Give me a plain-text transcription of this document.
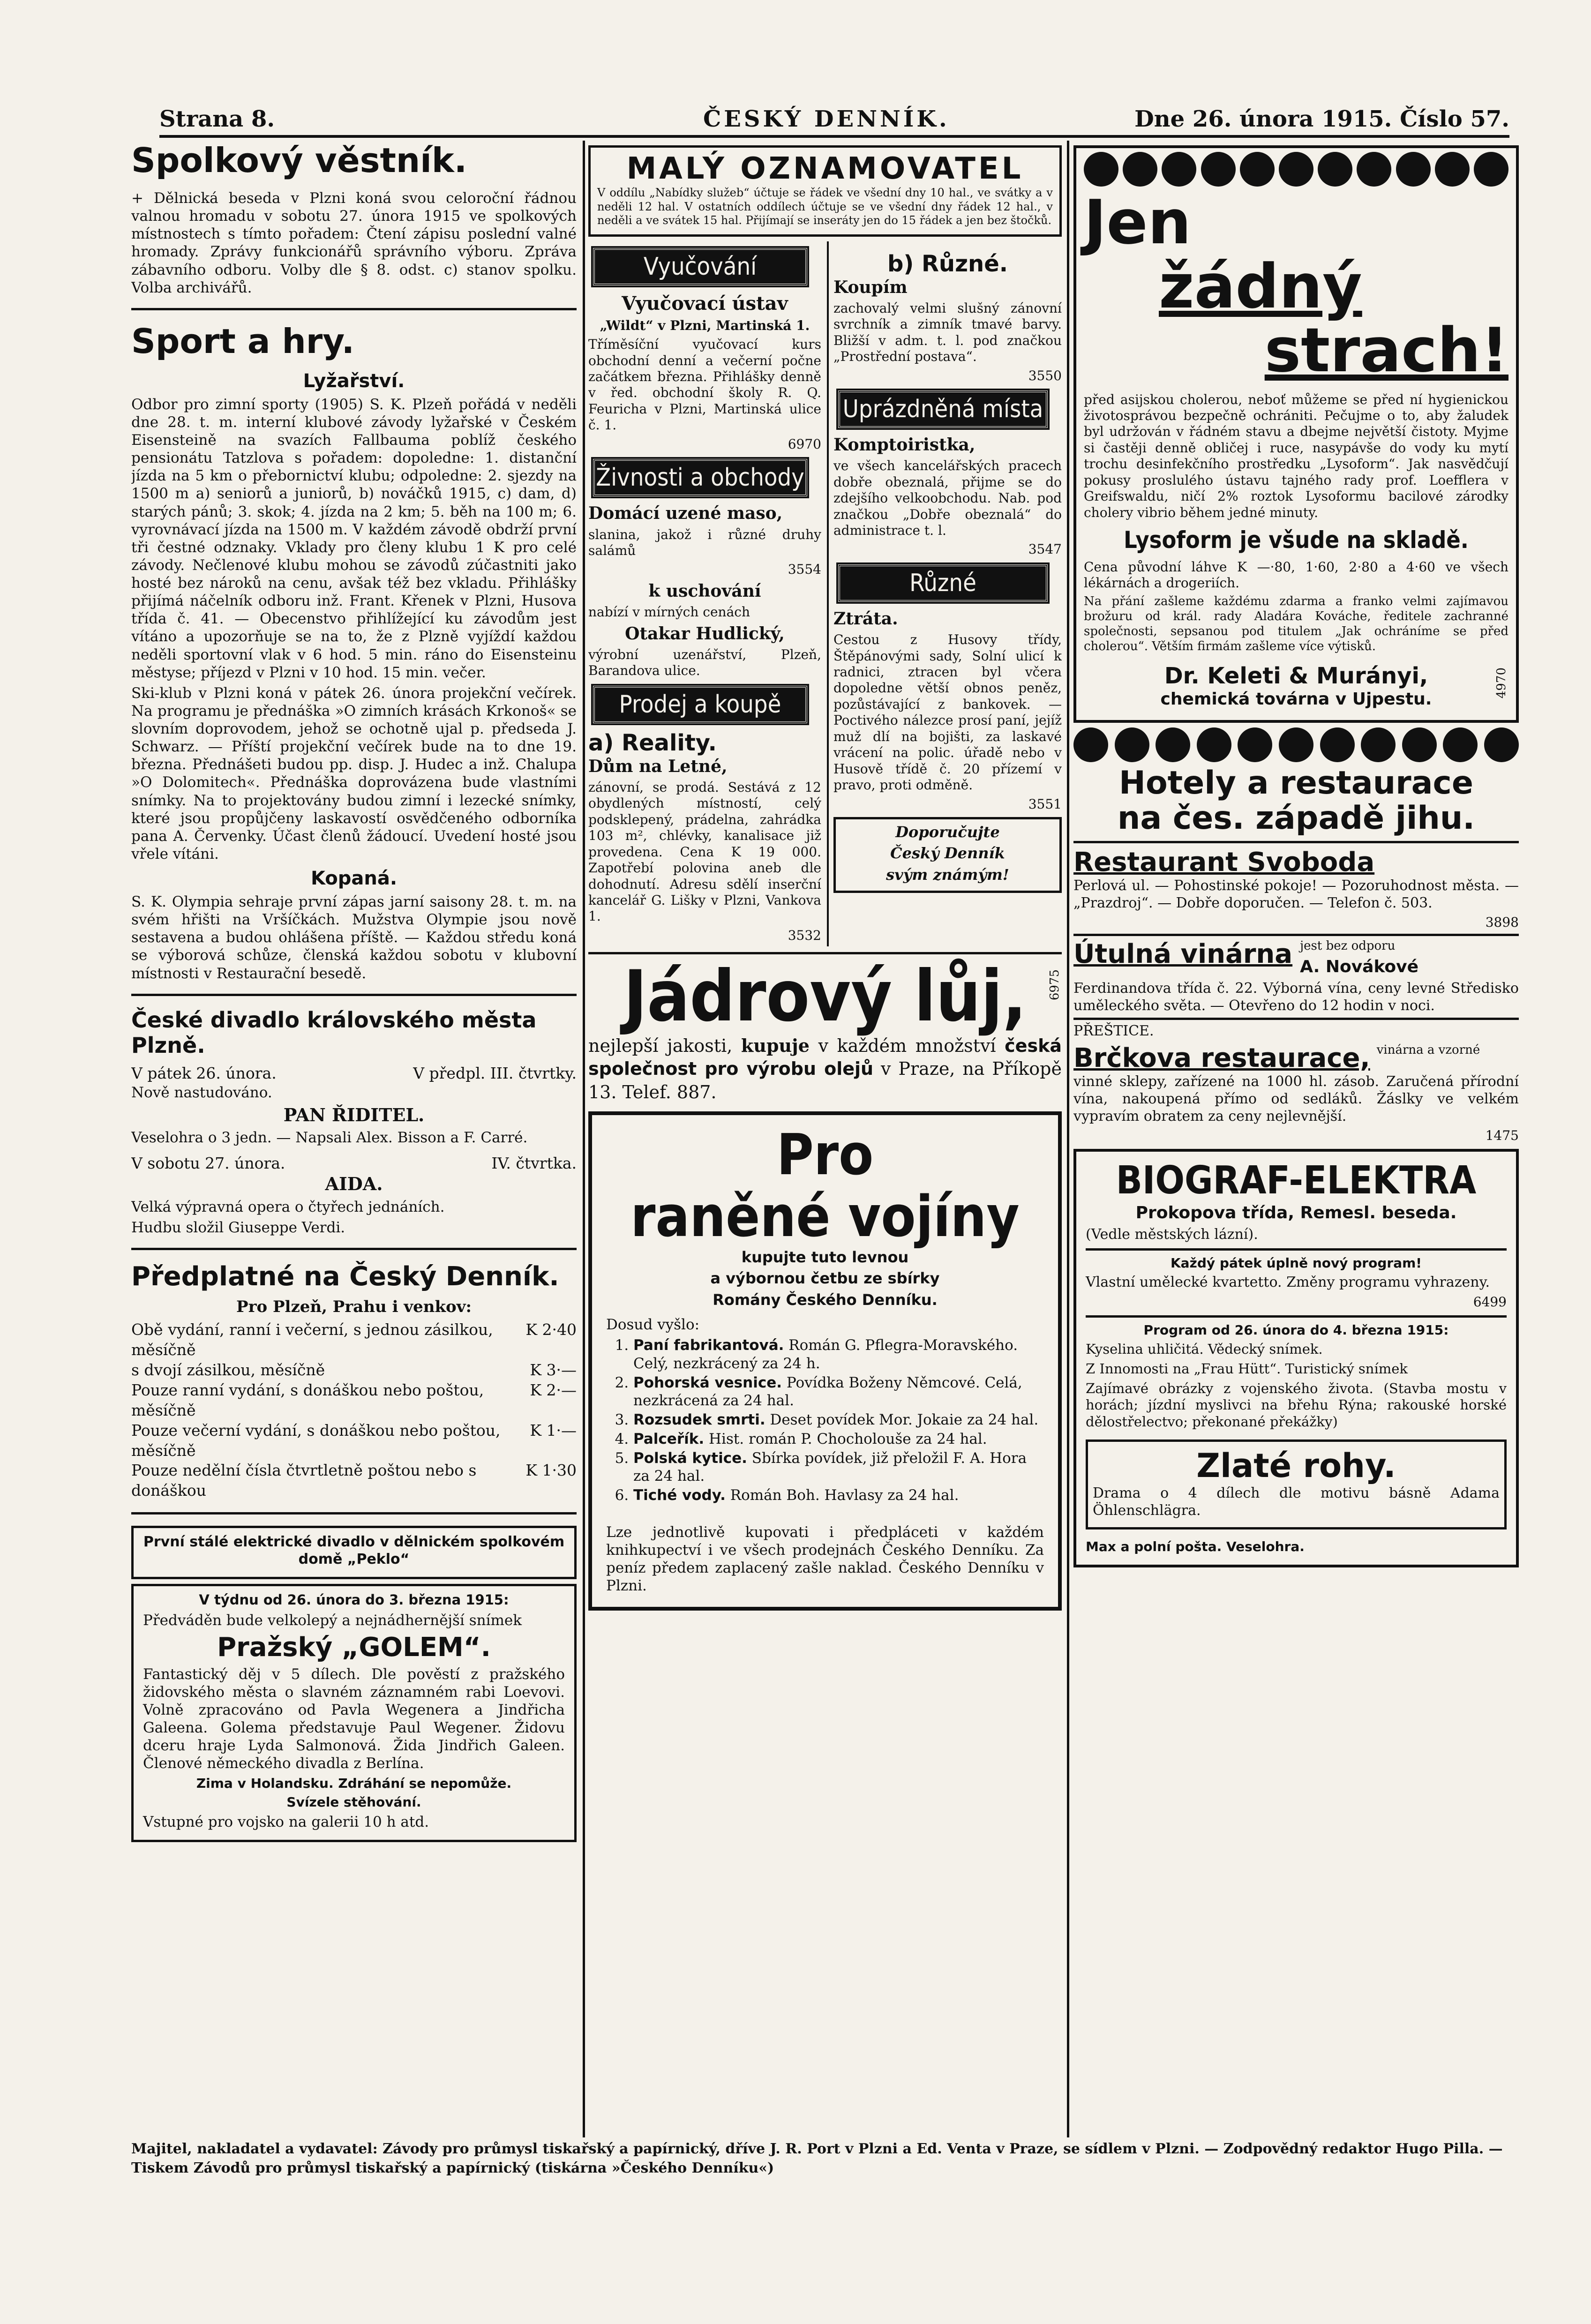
Strana 8.	ČESKÝ DENNÍK.	Dne 26. února 1915. Číslo 57.
Spolkový věstník.

+ Dělnická beseda v Plzni koná svou celoroční řádnou valnou hromadu v sobotu 27. února 1915 ve spolkových místnostech s tímto pořadem: Čtení zápisu poslední valné hromady. Zprávy funkcionářů správního výboru. Zpráva zábavního odboru. Volby dle § 8. odst. c) stanov spolku. Volba archivářů.

Sport a hry.
Lyžařství.

Odbor pro zimní sporty (1905) S. K. Plzeň pořádá v neděli dne 28. t. m. interní klubové závody lyžařské v Českém Eisensteině na svazích Fallbauma poblíž českého pensionátu Tatzlova s pořadem: dopoledne: 1. distanční jízda na 5 km o přebornictví klubu; odpoledne: 2. sjezdy na 1500 m a) seniorů a juniorů, b) nováčků 1915, c) dam, d) starých pánů; 3. skok; 4. jízda na 2 km; 5. běh na 100 m; 6. vyrovnávací jízda na 1500 m. V každém závodě obdrží první tři čestné odznaky. Vklady pro členy klubu 1 K pro celé závody. Nečlenové klubu mohou se závodů zúčastniti jako hosté bez nároků na cenu, avšak též bez vkladu. Přihlášky přijímá náčelník odboru inž. Frant. Křenek v Plzni, Husova třída č. 41. — Obecenstvo přihlížející ku závodům jest vítáno a upozorňuje se na to, že z Plzně vyjíždí každou neděli sportovní vlak v 6 hod. 5 min. ráno do Eisensteinu městyse; příjezd v Plzni v 10 hod. 15 min. večer.

Ski-klub v Plzni koná v pátek 26. února projekční večírek. Na programu je přednáška »O zimních krásách Krkonoš« se slovním doprovodem, jehož se ochotně ujal p. předseda J. Schwarz. — Příští projekční večírek bude na to dne 19. března. Přednášeti budou pp. disp. J. Hudec a inž. Chalupa »O Dolomitech«. Přednáška doprovázena bude vlastními snímky. Na to projektovány budou zimní i lezecké snímky, které jsou propůjčeny laskavostí osvědčeného odborníka pana A. Červenky. Účast členů žádoucí. Uvedení hosté jsou vřele vítáni.

Kopaná.

S. K. Olympia sehraje první zápas jarní saisony 28. t. m. na svém hřišti na Vršíčkách. Mužstva Olympie jsou nově sestavena a budou ohlášena příště. — Každou středu koná se výborová schůze, členská každou sobotu v klubovní místnosti v Restaurační besedě.

České divadlo královského města Plzně.
V pátek 26. února.	V předpl. III. čtvrtky.
Nově nastudováno.
PAN ŘIDITEL.
Veselohra o 3 jedn. — Napsali Alex. Bisson a F. Carré.
V sobotu 27. února.	IV. čtvrtka.
AIDA.
Velká výpravná opera o čtyřech jednáních.
Hudbu složil Giuseppe Verdi.
Předplatné na Český Denník.
Pro Plzeň, Prahu i venkov:
Obě vydání, ranní i večerní, s jednou zásilkou, měsíčně
K 2·40
s dvojí zásilkou, měsíčně	K 3·—
Pouze ranní vydání, s donáškou nebo poštou, měsíčně
K 2·—
Pouze večerní vydání, s donáškou nebo poštou, měsíčně
K 1·—
Pouze nedělní čísla čtvrtletně poštou nebo s donáškou
K 1·30
První stálé elektrické divadlo v dělnickém spolkovém domě „Peklo“
V týdnu od 26. února do 3. března 1915:
Předváděn bude velkolepý a nejnádhernější snímek
Pražský „GOLEM“.

Fantastický děj v 5 dílech. Dle pověstí z pražského židovského města o slavném záznamném rabi Loevovi. Volně zpracováno od Pavla Wegenera a Jindřicha Galeena. Golema představuje Paul Wegener. Židovu dceru hraje Lyda Salmonová. Žida Jindřich Galeen. Členové německého divadla z Berlína.

Zima v Holandsku. Zdráhání se nepomůže.
Svízele stěhování.
Vstupné pro vojsko na galerii 10 h atd.
MALÝ OZNAMOVATEL
V oddílu „Nabídky služeb“ účtuje se řádek ve všední dny 10 hal., ve svátky a v neděli 12 hal. V ostatních oddílech účtuje se ve všední dny řádek 12 hal., v neděli a ve svátek 15 hal. Přijímají se inseráty jen do 15 řádek a jen bez štočků.
Vyučování
Vyučovací ústav
„Wildt“ v Plzni, Martinská 1.

Tříměsíční vyučovací kurs obchodní denní a večerní počne začátkem března. Přihlášky denně v řed. obchodní školy R. Q. Feuricha v Plzni, Martinská ulice č. 1.

6970
Živnosti a obchody
Domácí uzené maso,

slanina, jakož i různé druhy salámů

3554
k uschování
nabízí v mírných cenách
Otakar Hudlický,
výrobní uzenářství, Plzeň, Barandova ulice.
Prodej a koupě
a) Reality.
Dům na Letné,

zánovní, se prodá. Sestává z 12 obydlených místností, celý podsklepený, prádelna, zahrádka 103 m², chlévky, kanalisace již provedena. Cena K 19 000. Zapotřebí polovina aneb dle dohodnutí. Adresu sdělí inserční kancelář G. Lišky v Plzni, Vankova 1.

3532
b) Různé.
Koupím

zachovalý velmi slušný zánovní svrchník a zimník tmavé barvy. Bližší v adm. t. l. pod značkou „Prostřední postava“.

3550
Uprázdněná místa
Komptoiristka,

ve všech kancelářských pracech dobře obeznalá, přijme se do zdejšího velkoobchodu. Nab. pod značkou „Dobře obeznalá“ do administrace t. l.

3547
Různé
Ztráta.

Cestou z Husovy třídy, Štěpánovými sady, Solní ulicí k radnici, ztracen byl včera dopoledne větší obnos peněz, pozůstávající z bankovek. — Poctivého nálezce prosí paní, jejíž muž dlí na bojišti, za laskavé vrácení na polic. úřadě nebo v Husově třídě č. 20 přízemí v pravo, proti odměně.

3551
Doporučujte
Český Denník
svým známým!
Jádrový lůj,	6975

nejlepší jakosti, kupuje v každém množství česká společnost pro výrobu olejů v Praze, na Příkopě 13. Telef. 887.

Pro
raněné vojíny
kupujte tuto levnou
a výbornou četbu ze sbírky
Romány Českého Denníku.
Dosud vyšlo:
1. Paní fabrikantová. Román G. Pflegra-Moravského. Celý, nezkrácený za 24 h.
2. Pohorská vesnice. Povídka Boženy Němcové. Celá, nezkrácená za 24 hal.
3. Rozsudek smrti. Deset povídek Mor. Jokaie za 24 hal.
4. Palceřík. Hist. román P. Chocholouše za 24 hal.
5. Polská kytice. Sbírka povídek, již přeložil F. A. Hora za 24 hal.
6. Tiché vody. Román Boh. Havlasy za 24 hal.

Lze jednotlivě kupovati i předpláceti v každém knihkupectví i ve všech prodejnách Českého Denníku. Za peníz předem zaplacený zašle naklad. Českého Denníku v Plzni.

Jen
žádný
strach!

před asijskou cholerou, neboť můžeme se před ní hygienickou životosprávou bezpečně ochrániti. Pečujme o to, aby žaludek byl udržován v řádném stavu a dbejme největší čistoty. Myjme si častěji denně obličej i ruce, nasypávše do vody ku mytí trochu desinfekčního prostředku „Lysoform“. Jak nasvědčují pokusy proslulého ústavu tajného rady prof. Loefflera v Greifswaldu, ničí 2% roztok Lysoformu bacilové zárodky cholery vibrio během jedné minuty.

Lysoform je všude na skladě.

Cena původní láhve K —·80, 1·60, 2·80 a 4·60 ve všech lékárnách a drogeriích.

Na přání zašleme každému zdarma a franko velmi zajímavou brožuru od král. rady Aladára Kováche, ředitele zachranné společnosti, sepsanou pod titulem „Jak ochráníme se před cholerou“. Větším firmám zašleme více výtisků.

Dr. Keleti & Murányi,
chemická továrna v Ujpestu.
4970
Hotely a restaurace
na čes. západě jihu.
Restaurant Svoboda

Perlová ul. — Pohostinské pokoje! — Pozoruhodnost města. — „Prazdroj“. — Dobře doporučen. — Telefon č. 503.

3898
Útulná vinárna jest bez odporu
A. Novákové

Ferdinandova třída č. 22. Výborná vína, ceny levné Středisko uměleckého světa. — Otevřeno do 12 hodin v noci.

PŘEŠTICE.
Brčkova restaurace, vinárna a vzorné

vinné sklepy, zařízené na 1000 hl. zásob. Zaručená přírodní vína, nakoupená přímo od sedláků. Žáslky ve velkém vypravím obratem za ceny nejlevnější.

1475
BIOGRAF-ELEKTRA
Prokopova třída, Remesl. beseda.
(Vedle městských lázní).
Každý pátek úplně nový program!
Vlastní umělecké kvartetto. Změny programu vyhrazeny.
6499
Program od 26. února do 4. března 1915:
Kyselina uhličitá. Vědecký snímek.
Z Innomosti na „Frau Hütt“. Turistický snímek
Zajímavé obrázky z vojenského života. (Stavba mostu v horách; jízdní myslivci na břehu Rýna; rakouské horské dělostřelectvo; překonané překážky)
Zlaté rohy.
Drama o 4 dílech dle motivu básně Adama Öhlenschlägra.
Max a polní pošta. Veselohra.
Majitel, nakladatel a vydavatel: Závody pro průmysl tiskařský a papírnický, dříve J. R. Port v Plzni a Ed. Venta v Praze, se sídlem v Plzni. — Zodpovědný redaktor Hugo Pilla. — Tiskem Závodů pro průmysl tiskařský a papírnický (tiskárna »Českého Denníku«)
